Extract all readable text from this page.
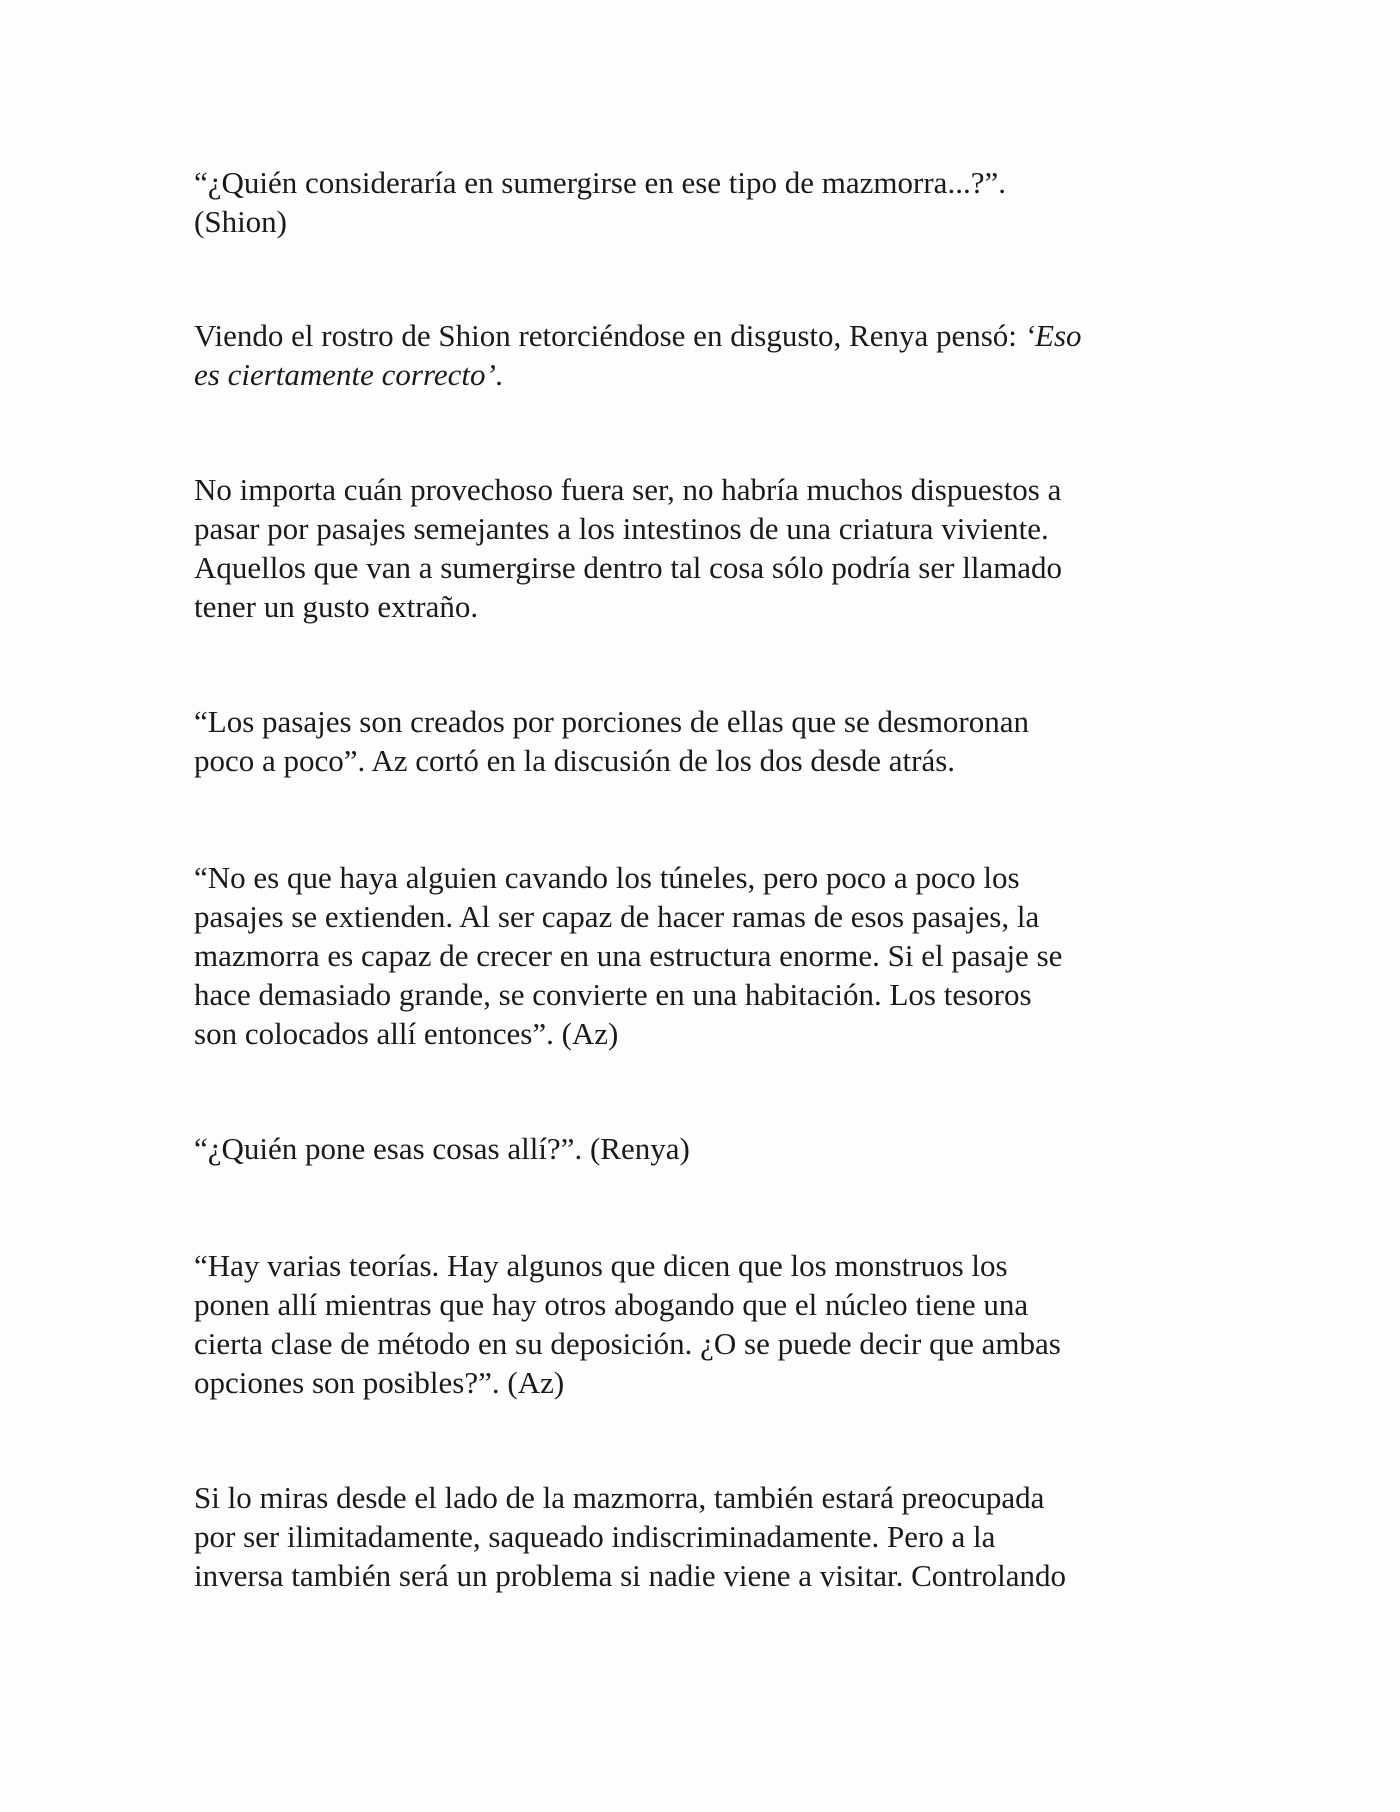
“¿Quién consideraría en sumergirse en ese tipo de mazmorra...?”.
(Shion)

Viendo el rostro de Shion retorciéndose en disgusto, Renya pensó: ‘Eso
es ciertamente correcto’.

No importa cuán provechoso fuera ser, no habría muchos dispuestos a
pasar por pasajes semejantes a los intestinos de una criatura viviente.
Aquellos que van a sumergirse dentro tal cosa sólo podría ser llamado
tener un gusto extraño.

“Los pasajes son creados por porciones de ellas que se desmoronan
poco a poco”. Az cortó en la discusión de los dos desde atrás.

“No es que haya alguien cavando los túneles, pero poco a poco los
pasajes se extienden. Al ser capaz de hacer ramas de esos pasajes, la
mazmorra es capaz de crecer en una estructura enorme. Si el pasaje se
hace demasiado grande, se convierte en una habitación. Los tesoros
son colocados allí entonces”. (Az)

“¿Quién pone esas cosas allí?”. (Renya)

“Hay varias teorías. Hay algunos que dicen que los monstruos los
ponen allí mientras que hay otros abogando que el núcleo tiene una
cierta clase de método en su deposición. ¿O se puede decir que ambas
opciones son posibles?”. (Az)

Si lo miras desde el lado de la mazmorra, también estará preocupada
por ser ilimitadamente, saqueado indiscriminadamente. Pero a la
inversa también será un problema si nadie viene a visitar. Controlando
